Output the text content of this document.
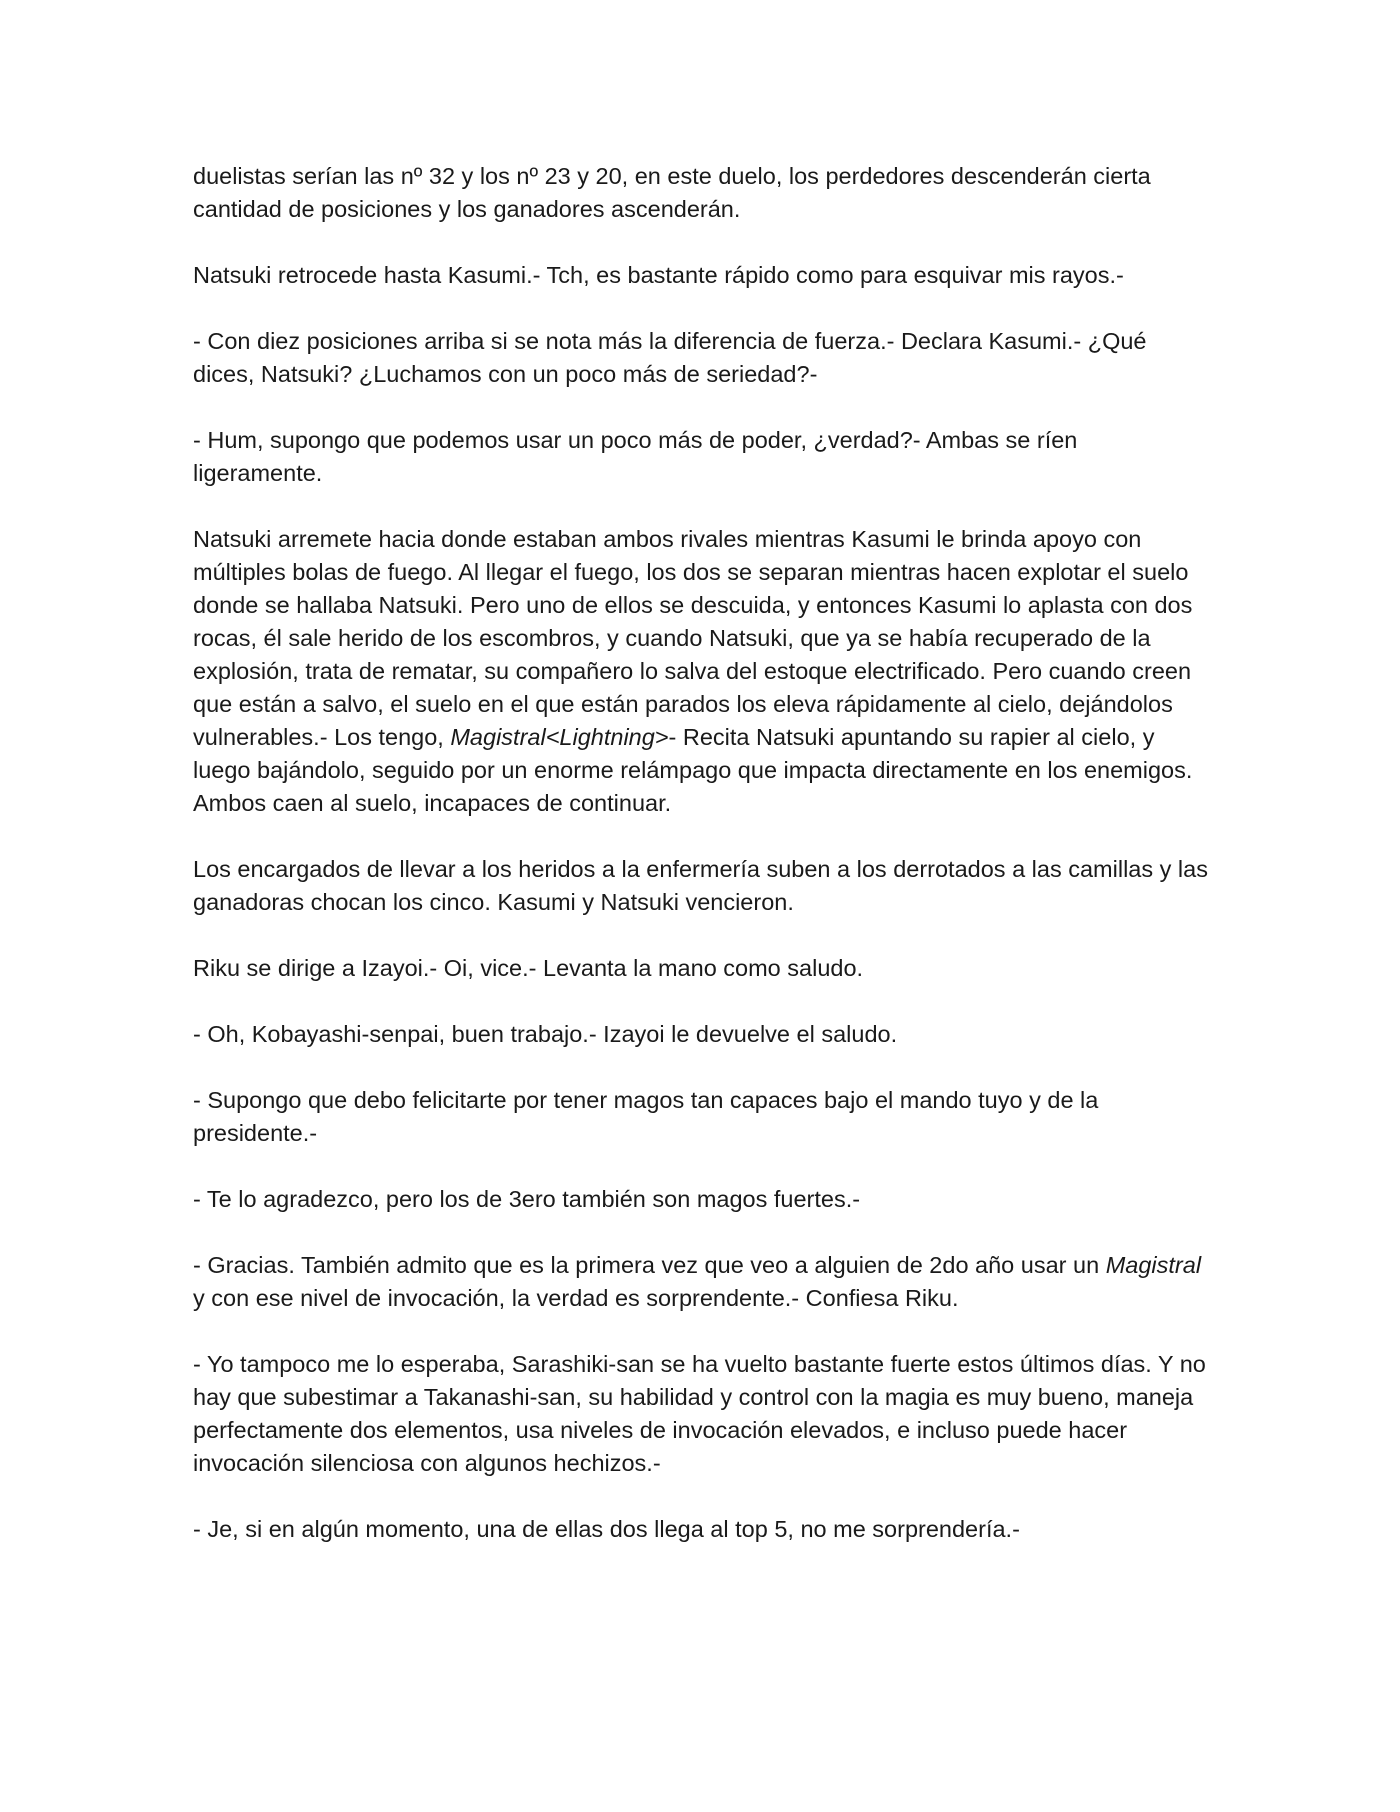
duelistas serían las nº 32 y los nº 23 y 20, en este duelo, los perdedores descenderán cierta cantidad de posiciones y los ganadores ascenderán.

Natsuki retrocede hasta Kasumi.- Tch, es bastante rápido como para esquivar mis rayos.-

- Con diez posiciones arriba si se nota más la diferencia de fuerza.- Declara Kasumi.- ¿Qué dices, Natsuki? ¿Luchamos con un poco más de seriedad?-

- Hum, supongo que podemos usar un poco más de poder, ¿verdad?- Ambas se ríen ligeramente.

Natsuki arremete hacia donde estaban ambos rivales mientras Kasumi le brinda apoyo con múltiples bolas de fuego. Al llegar el fuego, los dos se separan mientras hacen explotar el suelo donde se hallaba Natsuki. Pero uno de ellos se descuida, y entonces Kasumi lo aplasta con dos rocas, él sale herido de los escombros, y cuando Natsuki, que ya se había recuperado de la explosión, trata de rematar, su compañero lo salva del estoque electrificado. Pero cuando creen que están a salvo, el suelo en el que están parados los eleva rápidamente al cielo, dejándolos vulnerables.- Los tengo, Magistral<Lightning>- Recita Natsuki apuntando su rapier al cielo, y luego bajándolo, seguido por un enorme relámpago que impacta directamente en los enemigos. Ambos caen al suelo, incapaces de continuar.

Los encargados de llevar a los heridos a la enfermería suben a los derrotados a las camillas y las ganadoras chocan los cinco. Kasumi y Natsuki vencieron.

Riku se dirige a Izayoi.- Oi, vice.- Levanta la mano como saludo.

- Oh, Kobayashi-senpai, buen trabajo.- Izayoi le devuelve el saludo.

- Supongo que debo felicitarte por tener magos tan capaces bajo el mando tuyo y de la presidente.-

- Te lo agradezco, pero los de 3ero también son magos fuertes.-

- Gracias. También admito que es la primera vez que veo a alguien de 2do año usar un Magistral y con ese nivel de invocación, la verdad es sorprendente.- Confiesa Riku.

- Yo tampoco me lo esperaba, Sarashiki-san se ha vuelto bastante fuerte estos últimos días. Y no hay que subestimar a Takanashi-san, su habilidad y control con la magia es muy bueno, maneja perfectamente dos elementos, usa niveles de invocación elevados, e incluso puede hacer invocación silenciosa con algunos hechizos.-

- Je, si en algún momento, una de ellas dos llega al top 5, no me sorprendería.-
